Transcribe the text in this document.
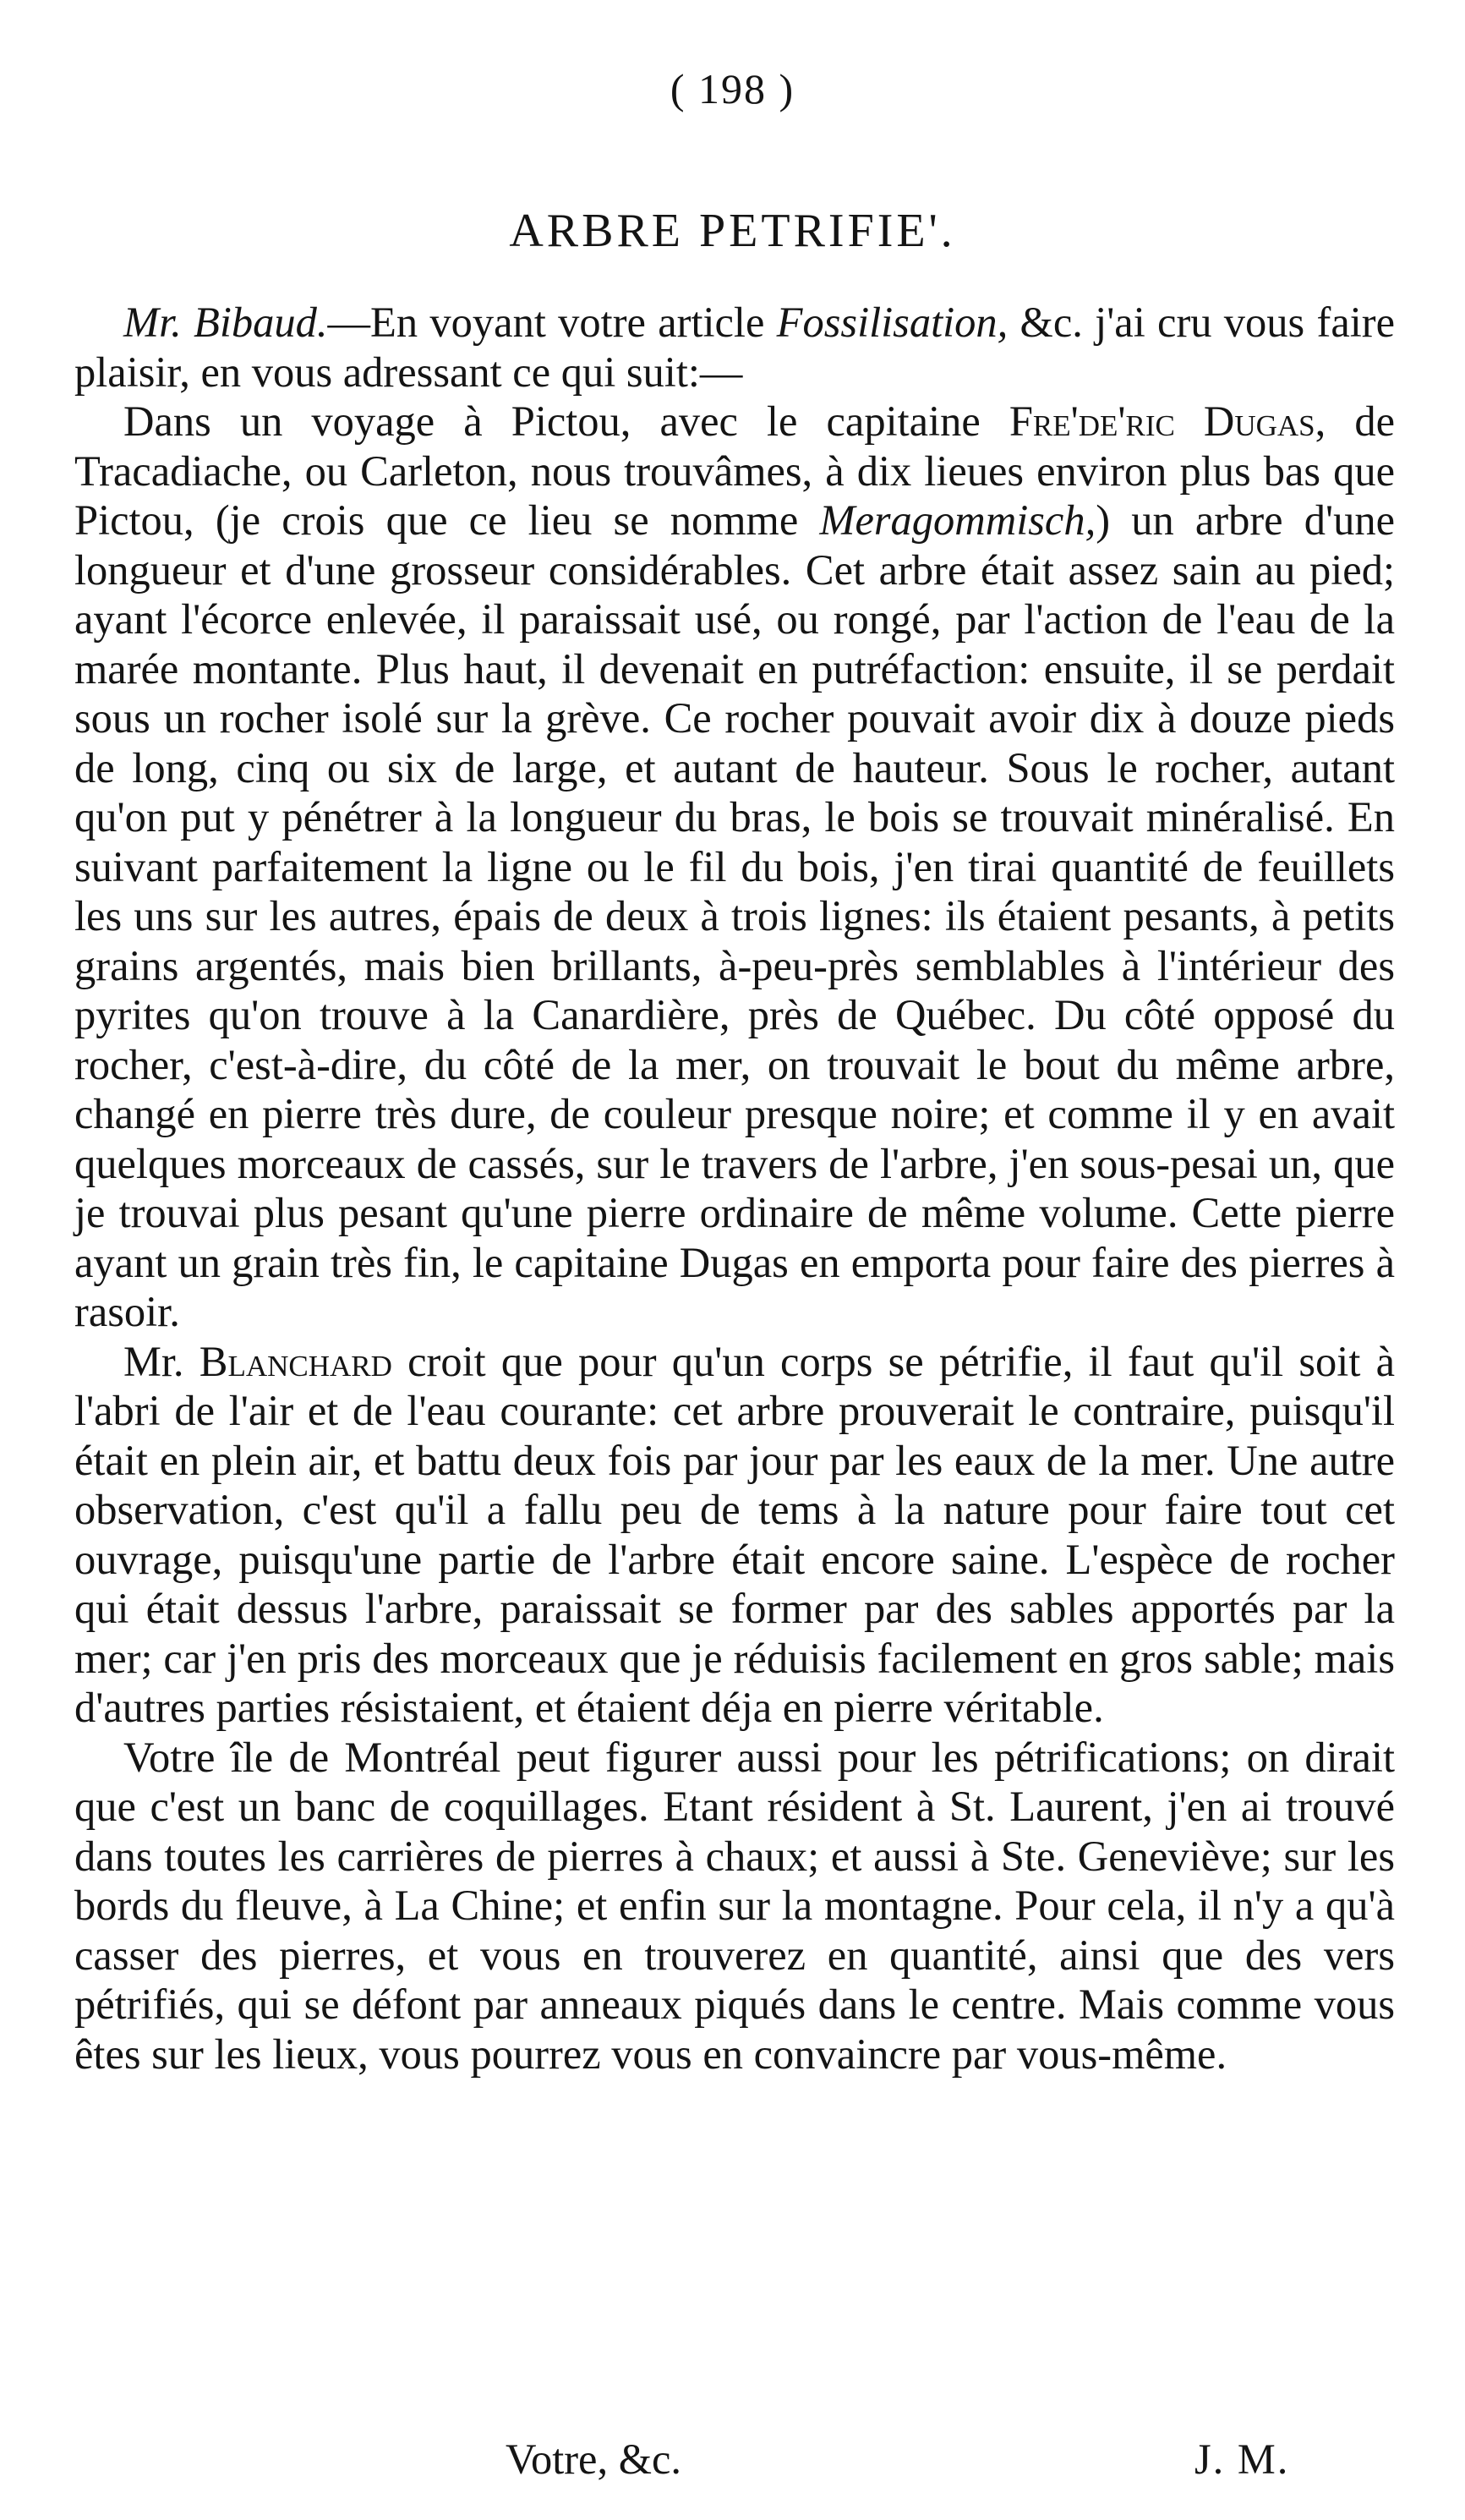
( 198 )
ARBRE PETRIFIE'.

Mr. Bibaud.—En voyant votre article Fossilisation, &c. j'ai cru vous faire plaisir, en vous adressant ce qui suit:—

Dans un voyage à Pictou, avec le capitaine Fre'de'ric Dugas, de Tracadiache, ou Carleton, nous trouvâmes, à dix lieues environ plus bas que Pictou, (je crois que ce lieu se nomme Meragommisch,) un arbre d'une longueur et d'une grosseur considérables. Cet arbre était assez sain au pied; ayant l'écorce enlevée, il paraissait usé, ou rongé, par l'action de l'eau de la marée montante. Plus haut, il devenait en putréfaction: ensuite, il se perdait sous un rocher isolé sur la grève. Ce rocher pouvait avoir dix à douze pieds de long, cinq ou six de large, et autant de hauteur. Sous le rocher, autant qu'on put y pénétrer à la longueur du bras, le bois se trouvait minéralisé. En suivant parfaitement la ligne ou le fil du bois, j'en tirai quantité de feuillets les uns sur les autres, épais de deux à trois lignes: ils étaient pesants, à petits grains argentés, mais bien brillants, à-peu-près semblables à l'intérieur des pyrites qu'on trouve à la Canardière, près de Québec. Du côté opposé du rocher, c'est-à-dire, du côté de la mer, on trouvait le bout du même arbre, changé en pierre très dure, de couleur presque noire; et comme il y en avait quelques morceaux de cassés, sur le travers de l'arbre, j'en sous-pesai un, que je trouvai plus pesant qu'une pierre ordinaire de même volume. Cette pierre ayant un grain très fin, le capitaine Dugas en emporta pour faire des pierres à rasoir.

Mr. Blanchard croit que pour qu'un corps se pétrifie, il faut qu'il soit à l'abri de l'air et de l'eau courante: cet arbre prouverait le contraire, puisqu'il était en plein air, et battu deux fois par jour par les eaux de la mer. Une autre observation, c'est qu'il a fallu peu de tems à la nature pour faire tout cet ouvrage, puisqu'une partie de l'arbre était encore saine. L'espèce de rocher qui était dessus l'arbre, paraissait se former par des sables apportés par la mer; car j'en pris des morceaux que je réduisis facilement en gros sable; mais d'autres parties résistaient, et étaient déja en pierre véritable.

Votre île de Montréal peut figurer aussi pour les pétrifications; on dirait que c'est un banc de coquillages. Etant résident à St. Laurent, j'en ai trouvé dans toutes les carrières de pierres à chaux; et aussi à Ste. Geneviève; sur les bords du fleuve, à La Chine; et enfin sur la montagne. Pour cela, il n'y a qu'à casser des pierres, et vous en trouverez en quantité, ainsi que des vers pétrifiés, qui se défont par anneaux piqués dans le centre. Mais comme vous êtes sur les lieux, vous pourrez vous en convaincre par vous-même.

Votre, &c.	J. M.
